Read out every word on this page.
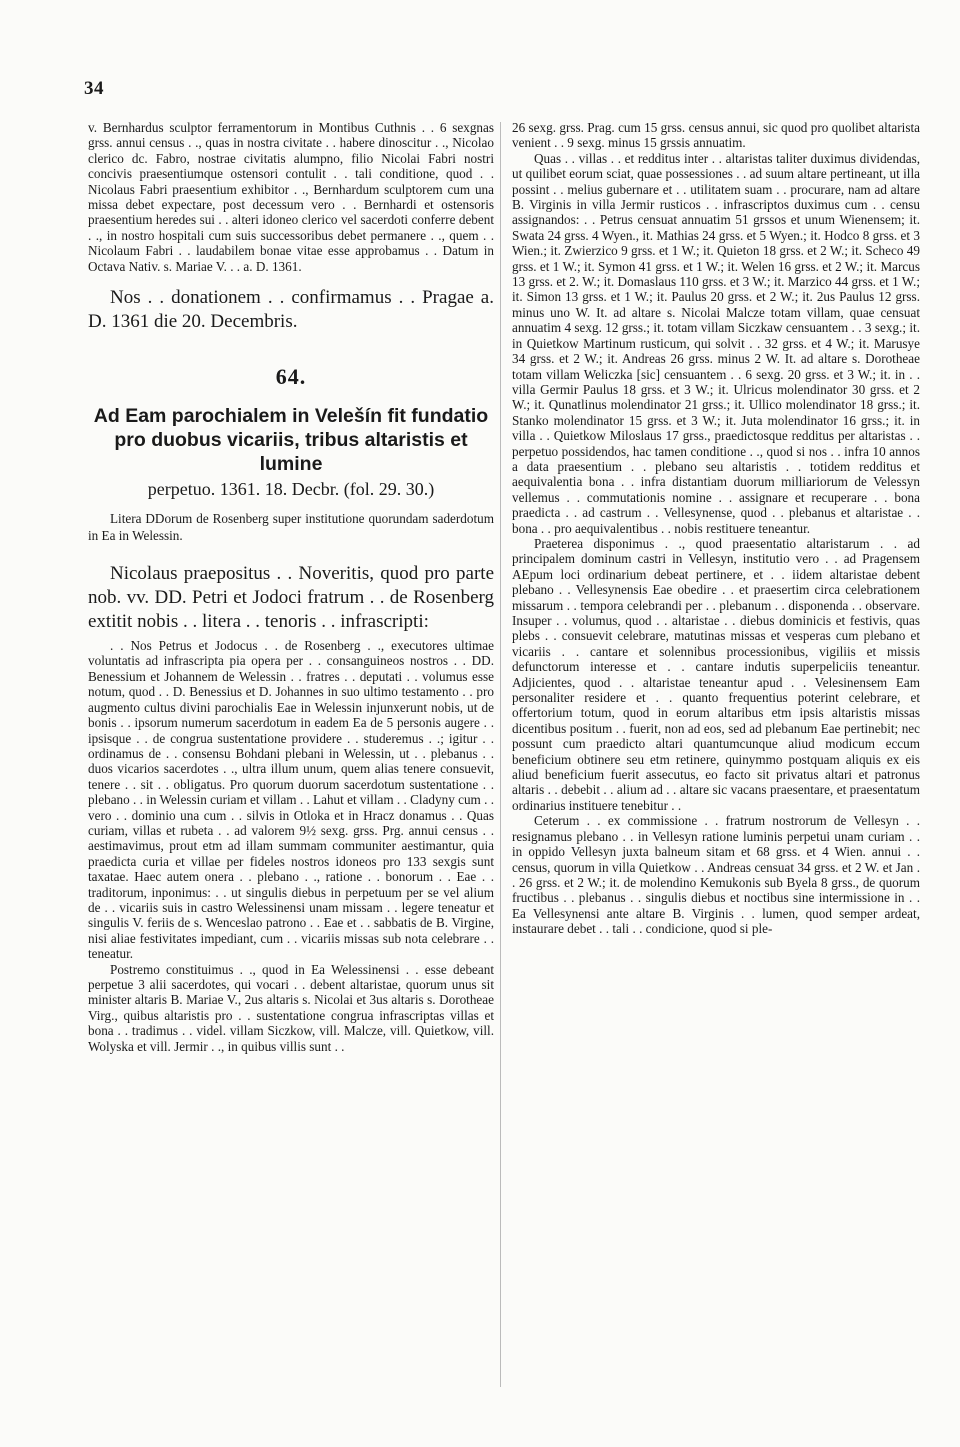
34

v. Bernhardus sculptor ferramentorum in Montibus Cuthnis . . 6 sexgnas grss. annui census . ., quas in nostra civitate . . habere dinoscitur . ., Nicolao clerico dc. Fabro, nostrae civitatis alumpno, filio Nicolai Fabri nostri concivis praesentiumque ostensori contulit . . tali conditione, quod . . Nicolaus Fabri praesentium exhibitor . ., Bernhardum sculptorem cum una missa debet expectare, post decessum vero . . Bernhardi et ostensoris praesentium heredes sui . . alteri idoneo clerico vel sacerdoti conferre debent . ., in nostro hospitali cum suis successoribus debet permanere . ., quem . . Nicolaum Fabri . . laudabilem bonae vitae esse approbamus . . Datum in Octava Nativ. s. Mariae V. . . a. D. 1361.

Nos . . donationem . . confirmamus . . Pragae a. D. 1361 die 20. Decembris.

64.

Ad Eam parochialem in Velešín fit fundatio pro duobus vicariis, tribus altaristis et lumine

perpetuo. 1361. 18. Decbr. (fol. 29. 30.)

Litera DDorum de Rosenberg super institutione quorundam saderdotum in Ea in Welessin.

Nicolaus praepositus . . Noveritis, quod pro parte nob. vv. DD. Petri et Jodoci fratrum . . de Rosenberg extitit nobis . . litera . . tenoris . . infrascripti:

. . Nos Petrus et Jodocus . . de Rosenberg . ., executores ultimae voluntatis ad infrascripta pia opera per . . consanguineos nostros . . DD. Benessium et Johannem de Welessin . . fratres . . deputati . . volumus esse notum, quod . . D. Benessius et D. Johannes in suo ultimo testamento . . pro augmento cultus divini parochialis Eae in Welessin injunxerunt nobis, ut de bonis . . ipsorum numerum sacerdotum in eadem Ea de 5 personis augere . . ipsisque . . de congrua sustentatione providere . . studeremus . .; igitur . . ordinamus de . . consensu Bohdani plebani in Welessin, ut . . plebanus . . duos vicarios sacerdotes . ., ultra illum unum, quem alias tenere consuevit, tenere . . sit . . obligatus. Pro quorum duorum sacerdotum sustentatione . . plebano . . in Welessin curiam et villam . . Lahut et villam . . Cladyny cum . . vero . . dominio una cum . . silvis in Otloka et in Hracz donamus . . Quas curiam, villas et rubeta . . ad valorem 9½ sexg. grss. Prg. annui census . . aestimavimus, prout etm ad illam summam communiter aestimantur, quia praedicta curia et villae per fideles nostros idoneos pro 133 sexgis sunt taxatae. Haec autem onera . . plebano . ., ratione . . bonorum . . Eae . . traditorum, inponimus: . . ut singulis diebus in perpetuum per se vel alium de . . vicariis suis in castro Welessinensi unam missam . . legere teneatur et singulis V. feriis de s. Wenceslao patrono . . Eae et . . sabbatis de B. Virgine, nisi aliae festivitates impediant, cum . . vicariis missas sub nota celebrare . . teneatur.

Postremo constituimus . ., quod in Ea Welessinensi . . esse debeant perpetue 3 alii sacerdotes, qui vocari . . debent altaristae, quorum unus sit minister altaris B. Mariae V., 2us altaris s. Nicolai et 3us altaris s. Dorotheae Virg., quibus altaristis pro . . sustentatione congrua infrascriptas villas et bona . . tradimus . . videl. villam Siczkow, vill. Malcze, vill. Quietkow, vill. Wolyska et vill. Jermir . ., in quibus villis sunt . .

26 sexg. grss. Prag. cum 15 grss. census annui, sic quod pro quolibet altarista venient . . 9 sexg. minus 15 grssis annuatim.

Quas . . villas . . et redditus inter . . altaristas taliter duximus dividendas, ut quilibet eorum sciat, quae possessiones . . ad suum altare pertineant, ut illa possint . . melius gubernare et . . utilitatem suam . . procurare, nam ad altare B. Virginis in villa Jermir rusticos . . infrascriptos duximus cum . . censu assignandos: . . Petrus censuat annuatim 51 grssos et unum Wienensem; it. Swata 24 grss. 4 Wyen., it. Mathias 24 grss. et 5 Wyen.; it. Hodco 8 grss. et 3 Wien.; it. Zwierzico 9 grss. et 1 W.; it. Quieton 18 grss. et 2 W.; it. Scheco 49 grss. et 1 W.; it. Symon 41 grss. et 1 W.; it. Welen 16 grss. et 2 W.; it. Marcus 13 grss. et 2. W.; it. Domaslaus 110 grss. et 3 W.; it. Marzico 44 grss. et 1 W.; it. Simon 13 grss. et 1 W.; it. Paulus 20 grss. et 2 W.; it. 2us Paulus 12 grss. minus uno W. It. ad altare s. Nicolai Malcze totam villam, quae censuat annuatim 4 sexg. 12 grss.; it. totam villam Siczkaw censuantem . . 3 sexg.; it. in Quietkow Martinum rusticum, qui solvit . . 32 grss. et 4 W.; it. Marusye 34 grss. et 2 W.; it. Andreas 26 grss. minus 2 W. It. ad altare s. Dorotheae totam villam Weliczka [sic] censuantem . . 6 sexg. 20 grss. et 3 W.; it. in . . villa Germir Paulus 18 grss. et 3 W.; it. Ulricus molendinator 30 grss. et 2 W.; it. Qunatlinus molendinator 21 grss.; it. Ullico molendinator 18 grss.; it. Stanko molendinator 15 grss. et 3 W.; it. Juta molendinator 16 grss.; it. in villa . . Quietkow Miloslaus 17 grss., praedictosque redditus per altaristas . . perpetuo possidendos, hac tamen conditione . ., quod si nos . . infra 10 annos a data praesentium . . plebano seu altaristis . . totidem redditus et aequivalentia bona . . infra distantiam duorum milliariorum de Velessyn vellemus . . commutationis nomine . . assignare et recuperare . . bona praedicta . . ad castrum . . Vellesynense, quod . . plebanus et altaristae . . bona . . pro aequivalentibus . . nobis restituere teneantur.

Praeterea disponimus . ., quod praesentatio altaristarum . . ad principalem dominum castri in Vellesyn, institutio vero . . ad Pragensem AEpum loci ordinarium debeat pertinere, et . . iidem altaristae debent plebano . . Vellesynensis Eae obedire . . et praesertim circa celebrationem missarum . . tempora celebrandi per . . plebanum . . disponenda . . observare. Insuper . . volumus, quod . . altaristae . . diebus dominicis et festivis, quas plebs . . consuevit celebrare, matutinas missas et vesperas cum plebano et vicariis . . cantare et solennibus processionibus, vigiliis et missis defunctorum interesse et . . cantare indutis superpeliciis teneantur. Adjicientes, quod . . altaristae teneantur apud . . Velesinensem Eam personaliter residere et . . quanto frequentius poterint celebrare, et offertorium totum, quod in eorum altaribus etm ipsis altaristis missas dicentibus positum . . fuerit, non ad eos, sed ad plebanum Eae pertinebit; nec possunt cum praedicto altari quantumcunque aliud modicum eccum beneficium obtinere seu etm retinere, quinymmo postquam aliquis ex eis aliud beneficium fuerit assecutus, eo facto sit privatus altari et patronus altaris . . debebit . . alium ad . . altare sic vacans praesentare, et praesentatum ordinarius instituere tenebitur . .

Ceterum . . ex commissione . . fratrum nostrorum de Vellesyn . . resignamus plebano . . in Vellesyn ratione luminis perpetui unam curiam . . in oppido Vellesyn juxta balneum sitam et 68 grss. et 4 Wien. annui . . census, quorum in villa Quietkow . . Andreas censuat 34 grss. et 2 W. et Jan . . 26 grss. et 2 W.; it. de molendino Kemukonis sub Byela 8 grss., de quorum fructibus . . plebanus . . singulis diebus et noctibus sine intermissione in . . Ea Vellesynensi ante altare B. Virginis . . lumen, quod semper ardeat, instaurare debet . . tali . . condicione, quod si ple-
